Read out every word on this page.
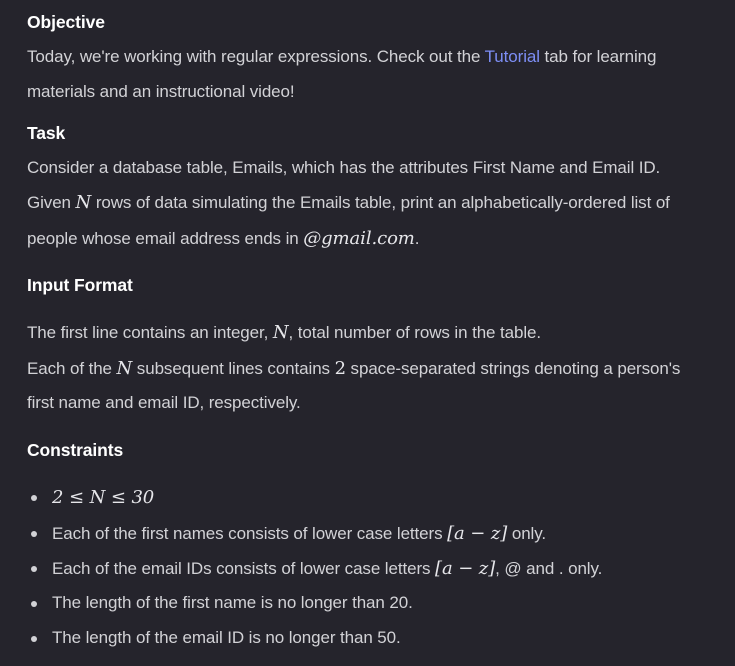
Objective
Today, we're working with regular expressions. Check out the Tutorial tab for learning
materials and an instructional video!
Task
Consider a database table, Emails, which has the attributes First Name and Email ID.
Given N rows of data simulating the Emails table, print an alphabetically-ordered list of
people whose email address ends in @gmail.com.
Input Format
The first line contains an integer, N, total number of rows in the table.
Each of the N subsequent lines contains 2 space-separated strings denoting a person's
first name and email ID, respectively.
Constraints
2 ≤ N ≤ 30
Each of the first names consists of lower case letters [a − z] only.
Each of the email IDs consists of lower case letters [a − z], @ and . only.
The length of the first name is no longer than 20.
The length of the email ID is no longer than 50.
